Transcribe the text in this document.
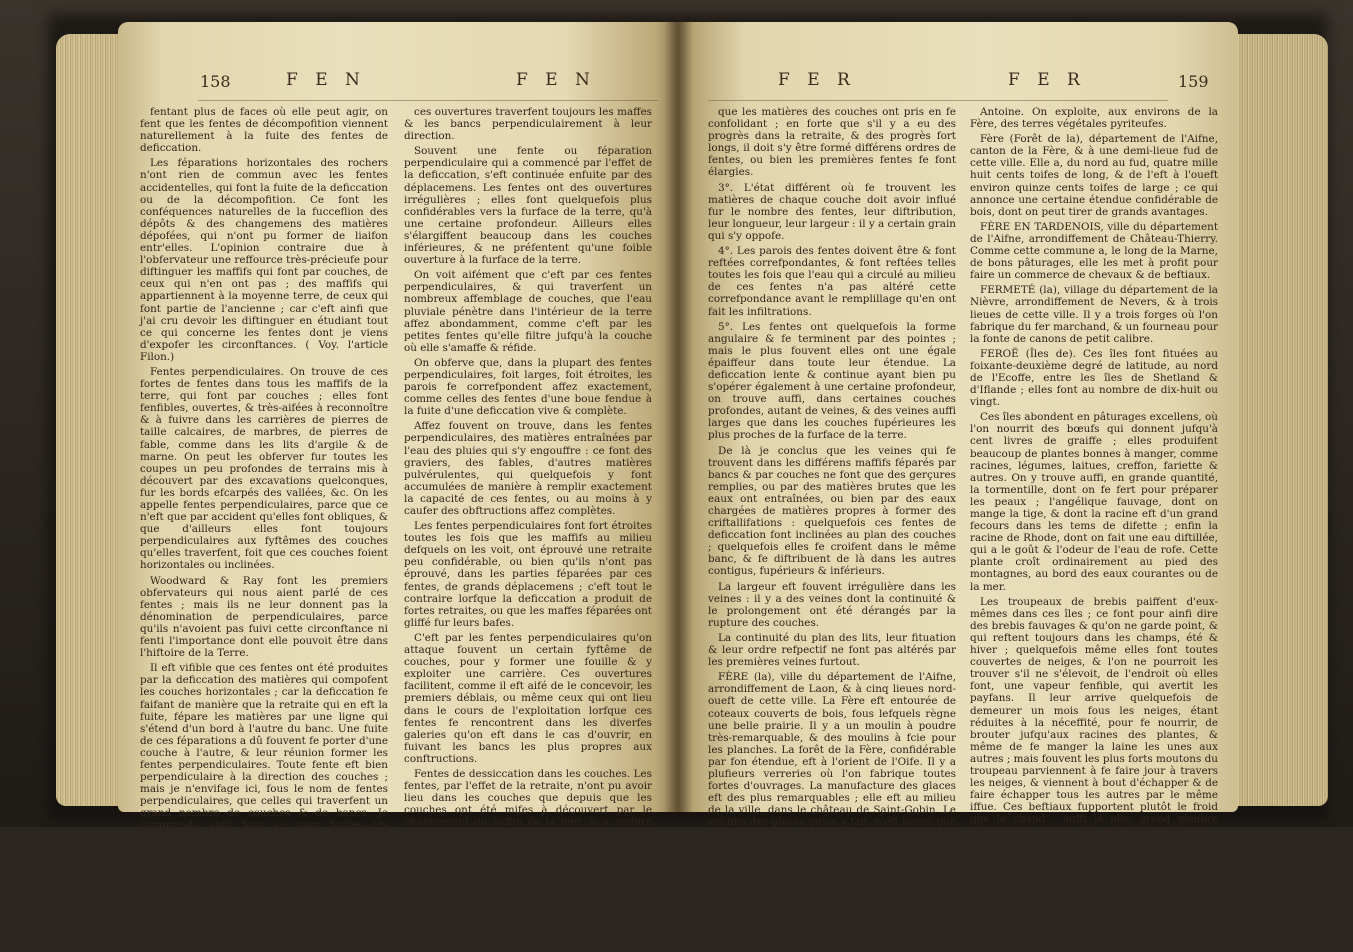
158	F E N	F E N

fentant plus de faces où elle peut agir, on fent que les fentes de décompofition viennent naturellement à la fuite des fentes de deficcation.

Les féparations horizontales des rochers n'ont rien de commun avec les fentes accidentelles, qui font la fuite de la deficcation ou de la décompofition. Ce font les conféquences naturelles de la fucceflion des dépôts & des changemens des matières dépofées, qui n'ont pu former de liaifon entr'elles. L'opinion contraire due à l'obfervateur une reffource très-précieufe pour diftinguer les maffifs qui font par couches, de ceux qui n'en ont pas ; des maffifs qui appartiennent à la moyenne terre, de ceux qui font partie de l'ancienne ; car c'eft ainfi que j'ai cru devoir les diftinguer en étudiant tout ce qui concerne les fentes dont je viens d'expofer les circonftances. ( Voy. l'article Filon.)

Fentes perpendiculaires. On trouve de ces fortes de fentes dans tous les maffifs de la terre, qui font par couches ; elles font fenfibles, ouvertes, & très-aifées à reconnoître & à fuivre dans les carrières de pierres de taille calcaires, de marbres, de pierres de fable, comme dans les lits d'argile & de marne. On peut les obferver fur toutes les coupes un peu profondes de terrains mis à découvert par des excavations quelconques, fur les bords efcarpés des vallées, &c. On les appelle fentes perpendiculaires, parce que ce n'eft que par accident qu'elles font obliques, & que d'ailleurs elles font toujours perpendiculaires aux fyftêmes des couches qu'elles traverfent, foit que ces couches foient horizontales ou inclinées.

Woodward & Ray font les premiers obfervateurs qui nous aient parlé de ces fentes ; mais ils ne leur donnent pas la dénomination de perpendiculaires, parce qu'ils n'avoient pas fuivi cette circonftance ni fenti l'importance dont elle pouvoit être dans l'hiftoire de la Terre.

Il eft vifible que ces fentes ont été produites par la deficcation des matières qui compofent les couches horizontales ; car la deficcation fe faifant de manière que la retraite qui en eft la fuite, fépare les matières par une ligne qui s'étend d'un bord à l'autre du banc. Une fuite de ces féparations a dû fouvent fe porter d'une couche à l'autre, & leur réunion former les fentes perpendiculaires. Toute fente eft bien perpendiculaire à la direction des couches ; mais je n'envifage ici, fous le nom de fentes perpendiculaires, que celles qui traverfent un grand nombre de couches & de bancs. Je comprends auffi fous ce nom toutes les féparations naturelles des rochers qui ont gliffé fur leur bafe, & qui, par une rupture quelconque, autre que celle produite par la deficcation, fe font éloignés les uns des autres ; & dans ce cas, lorfqu'il eft arrivé quelque déplacement confidérable à de grandes maffes, ces fentes préfentent des ouvertures très-confidérables & affez fouvent obliques. Avec un peu d'attention, il eft aifé de reconnoître que

ces ouvertures traverfent toujours les maffes & les bancs perpendiculairement à leur direction.

Souvent une fente ou féparation perpendiculaire qui a commencé par l'effet de la deficcation, s'eft continuée enfuite par des déplacemens. Les fentes ont des ouvertures irrégulières ; elles font quelquefois plus confidérables vers la furface de la terre, qu'à une certaine profondeur. Ailleurs elles s'élargiffent beaucoup dans les couches inférieures, & ne préfentent qu'une foible ouverture à la furface de la terre.

On voit aifément que c'eft par ces fentes perpendiculaires, & qui traverfent un nombreux affemblage de couches, que l'eau pluviale pénètre dans l'intérieur de la terre affez abondamment, comme c'eft par les petites fentes qu'elle filtre jufqu'à la couche où elle s'amaffe & réfide.

On obferve que, dans la plupart des fentes perpendiculaires, foit larges, foit étroites, les parois fe correfpondent affez exactement, comme celles des fentes d'une boue fendue à la fuite d'une deficcation vive & complète.

Affez fouvent on trouve, dans les fentes perpendiculaires, des matières entraînées par l'eau des pluies qui s'y engouffre : ce font des graviers, des fables, d'autres matières pulvérulentes, qui quelquefois y font accumulées de manière à remplir exactement la capacité de ces fentes, ou au moins à y caufer des obftructions affez complètes.

Les fentes perpendiculaires font fort étroites toutes les fois que les maffifs au milieu defquels on les voit, ont éprouvé une retraite peu confidérable, ou bien qu'ils n'ont pas éprouvé, dans les parties féparées par ces fentes, de grands déplacemens ; c'eft tout le contraire lorfque la deficcation a produit de fortes retraites, ou que les maffes féparées ont gliffé fur leurs bafes.

C'eft par les fentes perpendiculaires qu'on attaque fouvent un certain fyftême de couches, pour y former une fouille & y exploiter une carrière. Ces ouvertures facilitent, comme il eft aifé de le concevoir, les premiers déblais, ou même ceux qui ont lieu dans le cours de l'exploitation lorfque ces fentes fe rencontrent dans les diverfes galeries qu'on eft dans le cas d'ouvrir, en fuivant les bancs les plus propres aux conftructions.

Fentes de dessiccation dans les couches. Les fentes, par l'effet de la retraite, n'ont pu avoir lieu dans les couches que depuis que les couches ont été mifes à découvert par le changement du baffin de la mer, & à mefure qu'elles ont pris une certaine confiftance par le travail de la pétrification : ainfi, comme la totalité des bancs & des couches étoit formée, il n'eft pas étonnant, 1°. que les fentes embraffent plufieurs couches à la fois, & qu'une fente fe continue dans deux ou plufieurs bancs fur une même ligne.

2°. Les différentes circonftances de ces fentes font en même raifon que la différence des volumes

F E R	F E R	159

que les matières des couches ont pris en fe confolidant ; en forte que s'il y a eu des progrès dans la retraite, & des progrès fort longs, il doit s'y être formé différens ordres de fentes, ou bien les premières fentes fe font élargies.

3°. L'état différent où fe trouvent les matières de chaque couche doit avoir influé fur le nombre des fentes, leur diftribution, leur longueur, leur largeur : il y a certain grain qui s'y oppofe.

4°. Les parois des fentes doivent être & font reftées correfpondantes, & font reftées telles toutes les fois que l'eau qui a circulé au milieu de ces fentes n'a pas altéré cette correfpondance avant le remplillage qu'en ont fait les infiltrations.

5°. Les fentes ont quelquefois la forme angulaire & fe terminent par des pointes ; mais le plus fouvent elles ont une égale épaiffeur dans toute leur étendue. La deficcation lente & continue ayant bien pu s'opérer également à une certaine profondeur, on trouve auffi, dans certaines couches profondes, autant de veines, & des veines auffi larges que dans les couches fupérieures les plus proches de la furface de la terre.

De là je conclus que les veines qui fe trouvent dans les différens maffifs féparés par bancs & par couches ne font que des gerçures remplies, ou par des matières brutes que les eaux ont entraînées, ou bien par des eaux chargées de matières propres à former des criftallifations : quelquefois ces fentes de deficcation font inclinées au plan des couches ; quelquefois elles fe croifent dans le même banc, & fe diftribuent de là dans les autres contigus, fupérieurs & inférieurs.

La largeur eft fouvent irrégulière dans les veines : il y a des veines dont la continuité & le prolongement ont été dérangés par la rupture des couches.

La continuité du plan des lits, leur fituation & leur ordre refpectif ne font pas altérés par les premières veines furtout.

FÈRE (la), ville du département de l'Aifne, arrondiffement de Laon, & à cinq lieues nord-oueft de cette ville. La Fère eft entourée de coteaux couverts de bois, fous lefquels règne une belle prairie. Il y a un moulin à poudre très-remarquable, & des moulins à fcie pour les planches. La forêt de la Fère, confidérable par fon étendue, eft à l'orient de l'Oife. Il y a plufieurs verreries où l'on fabrique toutes fortes d'ouvrages. La manufacture des glaces eft des plus remarquables ; elle eft au milieu de la ville, dans le château de Saint-Gobin. Le volume des glaces qu'on y fait, n'eft borné que par la difficulté du poli ; car il eft impoffible qu'un ouvrier puiffe polir des glaces qui auroient plus de foixante pouces de large. Il en eft forti de cette manufacture qui avoient cinq cents pouces de hauteur, fur foixante de largeur. Ces glaces fe coulent fur une table de métal. On en envoie à Paris, où elles reçoivent leur dernière perfection dans la manufacture du faubourg Saint-

Antoine. On exploite, aux environs de la Fère, des terres végétales pyriteufes.

Fère (Forêt de la), département de l'Aifne, canton de la Fère, & à une demi-lieue fud de cette ville. Elle a, du nord au fud, quatre mille huit cents toifes de long, & de l'eft à l'oueft environ quinze cents toifes de large ; ce qui annonce une certaine étendue confidérable de bois, dont on peut tirer de grands avantages.

FÈRE EN TARDENOIS, ville du département de l'Aifne, arrondiffement de Château-Thierry. Comme cette commune a, le long de la Marne, de bons pâturages, elle les met à profit pour faire un commerce de chevaux & de beftiaux.

FERMETÉ (la), village du département de la Nièvre, arrondiffement de Nevers, & à trois lieues de cette ville. Il y a trois forges où l'on fabrique du fer marchand, & un fourneau pour la fonte de canons de petit calibre.

FEROË (Îles de). Ces îles font fituées au foixante-deuxième degré de latitude, au nord de l'Ecoffe, entre les îles de Shetland & d'Iflande ; elles font au nombre de dix-huit ou vingt.

Ces îles abondent en pâturages excellens, où l'on nourrit des bœufs qui donnent jufqu'à cent livres de graiffe ; elles produifent beaucoup de plantes bonnes à manger, comme racines, légumes, laitues, creffon, fariette & autres. On y trouve auffi, en grande quantité, la tormentille, dont on fe fert pour préparer les peaux ; l'angélique fauvage, dont on mange la tige, & dont la racine eft d'un grand fecours dans les tems de difette ; enfin la racine de Rhode, dont on fait une eau diftillée, qui a le goût & l'odeur de l'eau de rofe. Cette plante croît ordinairement au pied des montagnes, au bord des eaux courantes ou de la mer.

Les troupeaux de brebis paiffent d'eux-mêmes dans ces îles ; ce font pour ainfi dire des brebis fauvages & qu'on ne garde point, & qui reftent toujours dans les champs, été & hiver ; quelquefois même elles font toutes couvertes de neiges, & l'on ne pourroit les trouver s'il ne s'élevoit, de l'endroit où elles font, une vapeur fenfible, qui avertit les payfans. Il leur arrive quelquefois de demeurer un mois fous les neiges, étant réduites à la néceffité, pour fe nourrir, de brouter jufqu'aux racines des plantes, & même de fe manger la laine les unes aux autres ; mais fouvent les plus forts moutons du troupeau parviennent à fe faire jour à travers les neiges, & viennent à bout d'échapper & de faire échapper tous les autres par le même iffue. Ces beftiaux fupportent plutôt le froid que le chaud ; auffi le plus grand nombre meurt-il au retour des premières chaleurs : cela n'eft pas étonnant. Leurs corps, affoiblis & exténués par les froids
